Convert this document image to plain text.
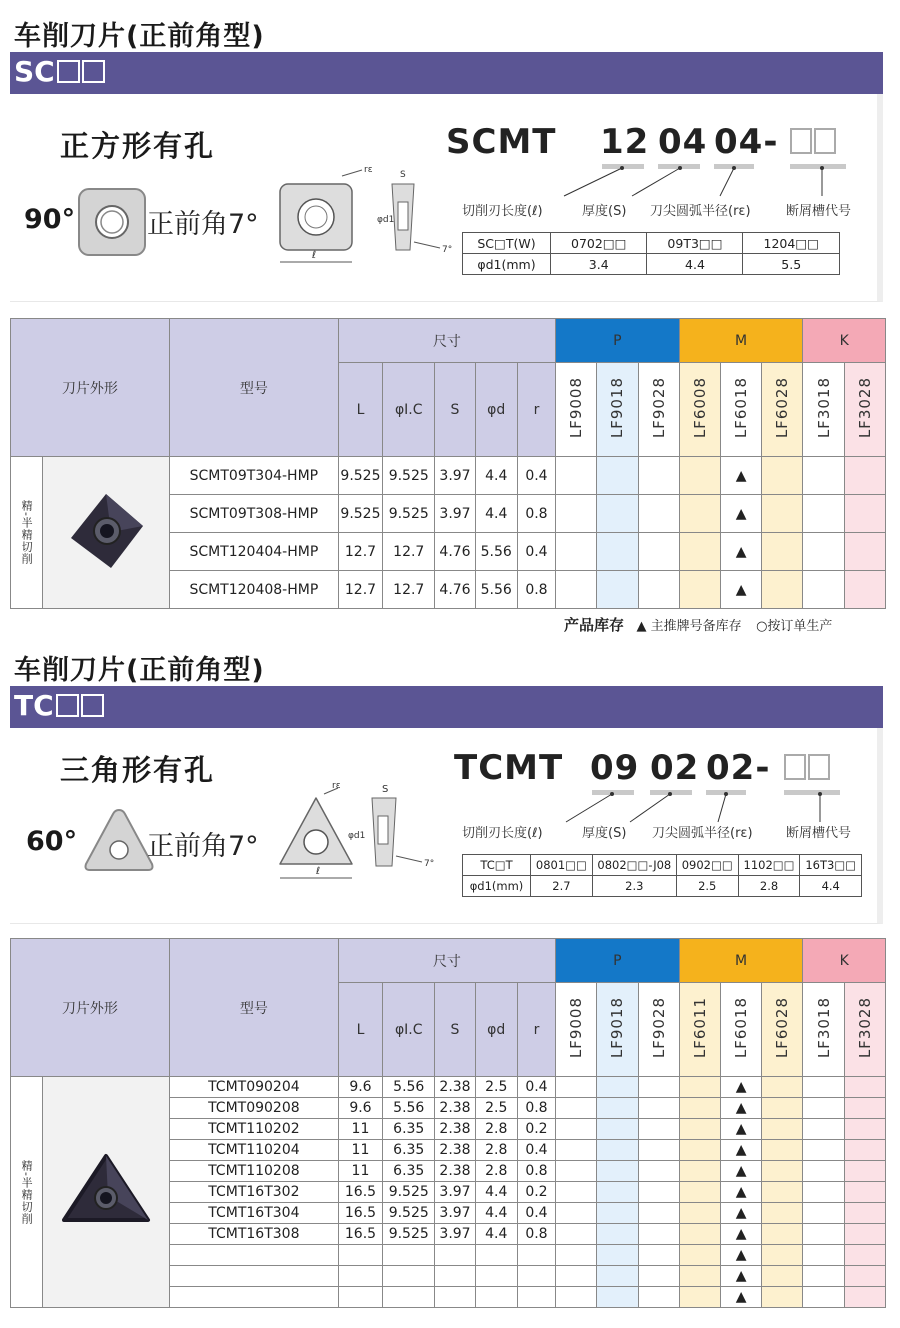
车削刀片(正前角型)
SC
正方形有孔
90°	正前角7°
rε
ℓ
S
φd1
7°
SCMT 12 04 04-
切削刃长度(ℓ)	厚度(S) 刀尖圆弧半径(rε)	断屑槽代号
SC□T(W)	0702□□	09T3□□	1204□□
φd1(mm)	3.4	4.4	5.5
刀片外形		型号	尺寸					P			M			K	
			L	φI.C	S	φd	r	LF9008	LF9018	LF9028	LF6008	LF6018	LF6028	LF3018	LF3028
精-半精切削		SCMT09T304-HMP	9.525	9.525	3.97	4.4	0.4					▲			
		SCMT09T308-HMP	9.525	9.525	3.97	4.4	0.8					▲			
		SCMT120404-HMP	12.7	12.7	4.76	5.56	0.4					▲			
		SCMT120408-HMP	12.7	12.7	4.76	5.56	0.8					▲			
产品库存 ▲ 主推牌号备库存 ○按订单生产
车削刀片(正前角型)
TC
三角形有孔
60°	正前角7°
rε
ℓ
S
φd1
7°
TCMT 09 02 02-
切削刃长度(ℓ)	厚度(S) 刀尖圆弧半径(rε)	断屑槽代号
TC□T	0801□□	0802□□-J08	0902□□	1102□□	16T3□□
φd1(mm)	2.7	2.3	2.5	2.8	4.4
刀片外形		型号	尺寸					P			M			K	
			L	φI.C	S	φd	r	LF9008	LF9018	LF9028	LF6011	LF6018	LF6028	LF3018	LF3028
精-半精切削		TCMT090204	9.6	5.56	2.38	2.5	0.4					▲			
		TCMT090208	9.6	5.56	2.38	2.5	0.8					▲			
		TCMT110202	11	6.35	2.38	2.8	0.2					▲			
		TCMT110204	11	6.35	2.38	2.8	0.4					▲			
		TCMT110208	11	6.35	2.38	2.8	0.8					▲			
		TCMT16T302	16.5	9.525	3.97	4.4	0.2					▲			
		TCMT16T304	16.5	9.525	3.97	4.4	0.4					▲			
		TCMT16T308	16.5	9.525	3.97	4.4	0.8					▲			
												▲			
												▲			
												▲			
